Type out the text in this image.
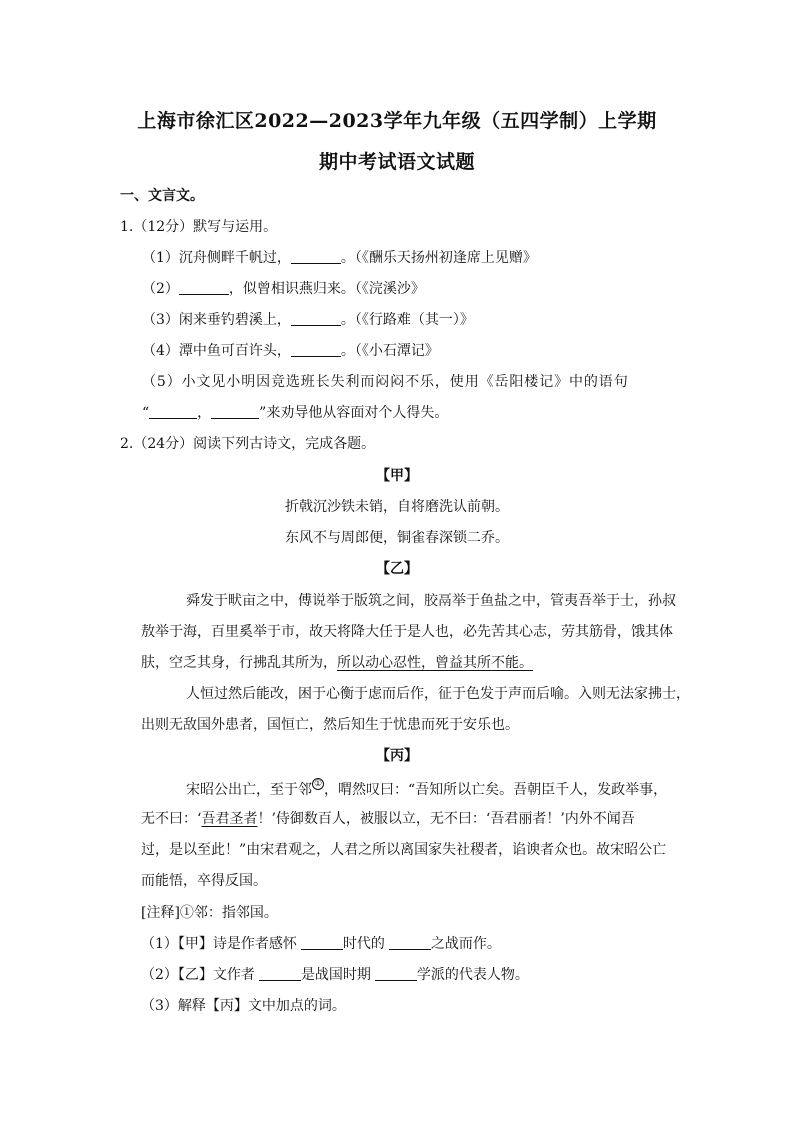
上海市徐汇区2022—2023学年九年级（五四学制）上学期
期中考试语文试题
一、文言文。
1.（12分）默写与运用。
（1）沉舟侧畔千帆过，	。（《酬乐天扬州初逢席上见赠》
（2）	，似曾相识燕归来。（《浣溪沙》
（3）闲来垂钓碧溪上，	。（《行路难（其一）》
（4）潭中鱼可百许头，	。（《小石潭记》
（5）小文见小明因竞选班长失利而闷闷不乐，使用《岳阳楼记》中的语句
“	，	”来劝导他从容面对个人得失。
2.（24分）阅读下列古诗文，完成各题。
【甲】
折戟沉沙铁未销，自将磨洗认前朝。
东风不与周郎便，铜雀春深锁二乔。
【乙】
舜发于畎亩之中，傅说举于版筑之间，胶鬲举于鱼盐之中，管夷吾举于士，孙叔
敖举于海，百里奚举于市，故天将降大任于是人也，必先苦其心志，劳其筋骨，饿其体
肤，空乏其身，行拂乱其所为，所以动心忍性，曾益其所不能。
人恒过然后能改，困于心衡于虑而后作，征于色发于声而后喻。入则无法家拂士，
出则无敌国外患者，国恒亡，然后知生于忧患而死于安乐也。
【丙】
宋昭公出亡，至于邻 ① ，喟然叹曰：“吾知所以亡矣。吾朝臣千人，发政举事，
无不曰：‘吾君圣者！’侍御数百人，被服以立，无不曰：‘吾君丽者！’内外不闻吾
过，是以至此！”由宋君观之，人君之所以离国家失社稷者，谄谀者众也。故宋昭公亡
而能悟，卒得反国。
[注释]①邻：指邻国。
（1）【甲】诗是作者感怀	时代的	之战而作。
（2）【乙】文作者	是战国时期	学派的代表人物。
（3）解释【丙】文中加点的词。
